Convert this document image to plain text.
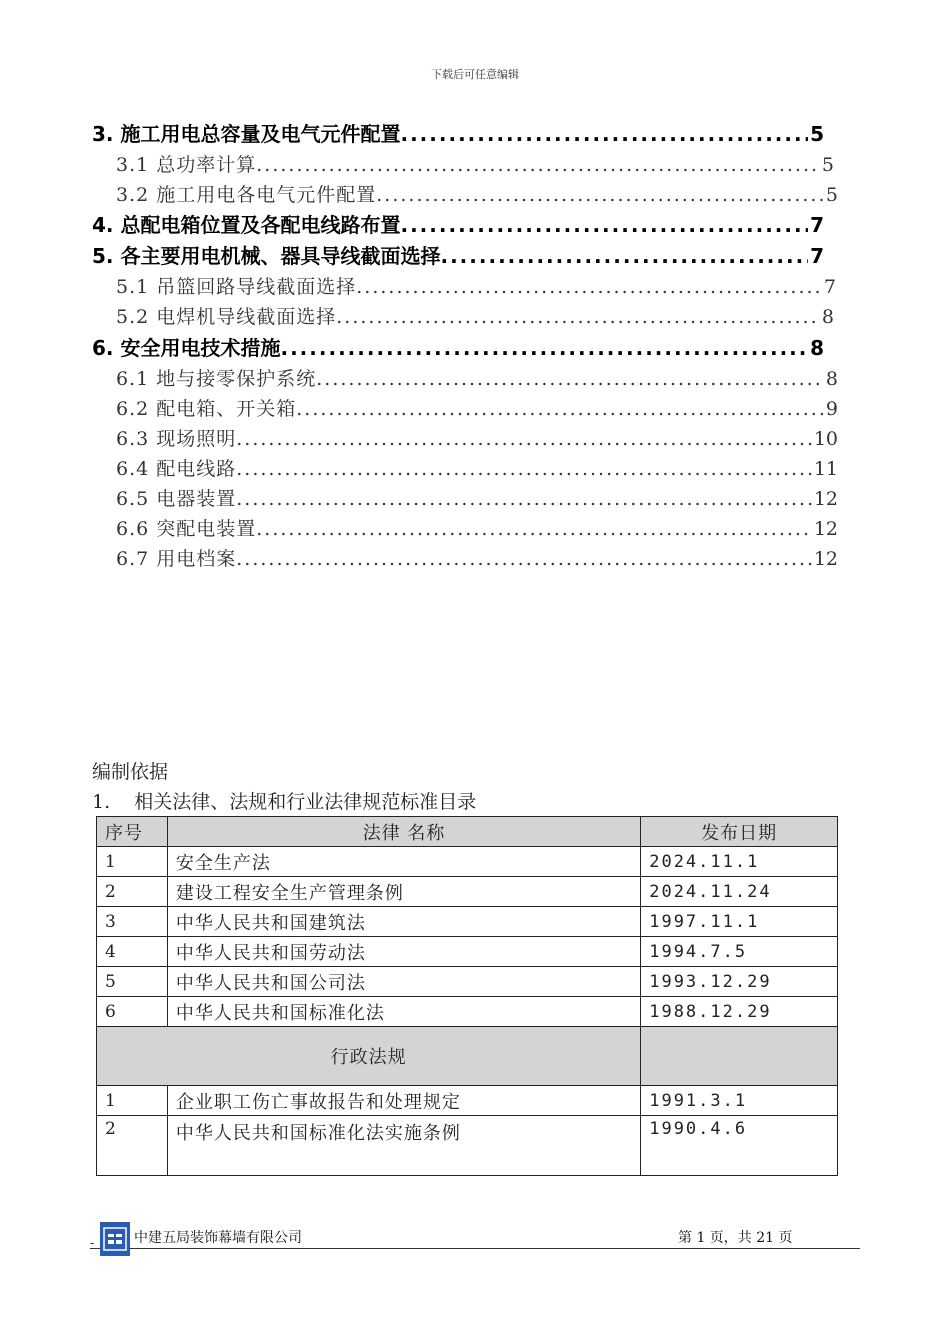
下载后可任意编辑
3. 施工用电总容量及电气元件配置 .....	5
3.1 总功率计算 .....	5
3.2 施工用电各电气元件配置 .....	5
4. 总配电箱位置及各配电线路布置 .....	7
5. 各主要用电机械、器具导线截面选择 .....	7
5.1 吊篮回路导线截面选择 .....	7
5.2 电焊机导线截面选择 .....	8
6. 安全用电技术措施 .....	8
6.1 地与接零保护系统 .....	8
6.2 配电箱、开关箱 .....	9
6.3 现场照明 .....	10
6.4 配电线路 .....	11
6.5 电器装置 .....	12
6.6 突配电装置 .....	12
6.7 用电档案 .....	12
编制依据
1.    相关法律、法规和行业法律规范标准目录
序号	法律 名称	发布日期
1	安全生产法	2024.11.1
2	建设工程安全生产管理条例	2024.11.24
3	中华人民共和国建筑法	1997.11.1
4	中华人民共和国劳动法	1994.7.5
5	中华人民共和国公司法	1993.12.29
6	中华人民共和国标准化法	1988.12.29
行政法规		
1	企业职工伤亡事故报告和处理规定	1991.3.1
2	中华人民共和国标准化法实施条例	1990.4.6
-	中建五局装饰幕墙有限公司	第 1 页，共 21 页
